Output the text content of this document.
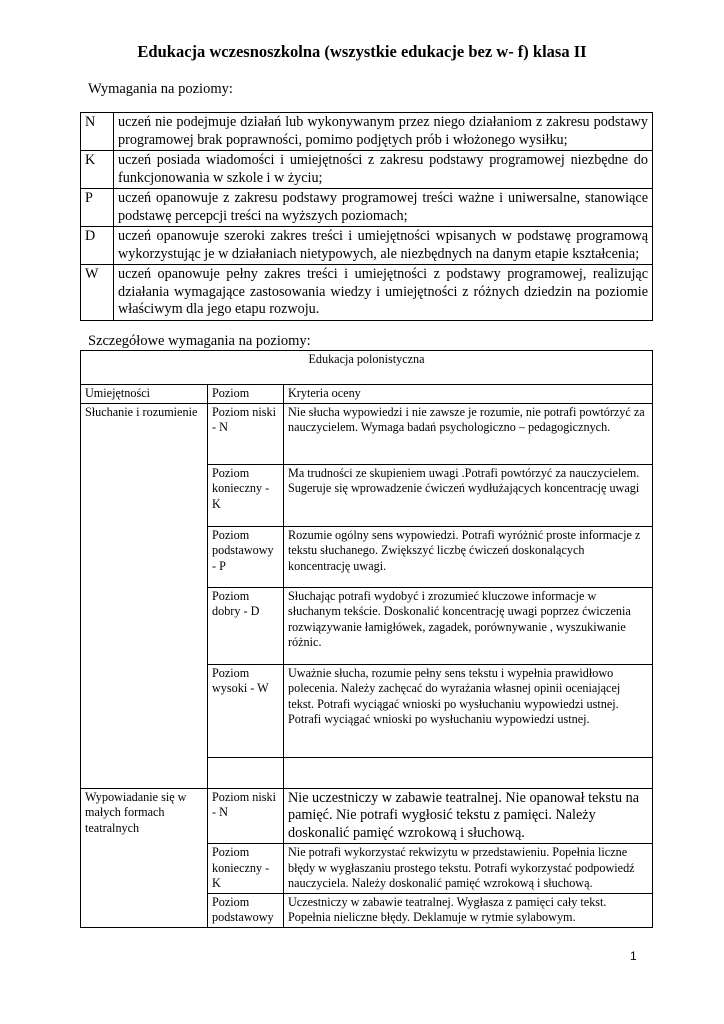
Edukacja wczesnoszkolna (wszystkie edukacje bez w- f) klasa II
Wymagania na poziomy:
N	uczeń nie podejmuje działań lub wykonywanym przez niego działaniom z zakresu podstawy programowej brak poprawności, pomimo podjętych prób i włożonego wysiłku;
K	uczeń posiada wiadomości i umiejętności z zakresu podstawy programowej niezbędne do funkcjonowania w szkole i w życiu;
P	uczeń opanowuje z zakresu podstawy programowej treści ważne i uniwersalne, stanowiące podstawę percepcji treści na wyższych poziomach;
D	uczeń opanowuje szeroki zakres treści i umiejętności wpisanych w podstawę programową wykorzystując je w działaniach nietypowych, ale niezbędnych na danym etapie kształcenia;
W	uczeń opanowuje pełny zakres treści i umiejętności z podstawy programowej, realizując działania wymagające zastosowania wiedzy i umiejętności z różnych dziedzin na poziomie właściwym dla jego etapu rozwoju.
Szczegółowe wymagania na poziomy:
Edukacja polonistyczna		
Umiejętności	Poziom	Kryteria oceny
Słuchanie i rozumienie	Poziom niski - N	Nie słucha wypowiedzi i nie zawsze je rozumie, nie potrafi powtórzyć za nauczycielem. Wymaga badań psychologiczno – pedagogicznych.
	Poziom konieczny - K	Ma trudności ze skupieniem uwagi .Potrafi powtórzyć za nauczycielem. Sugeruje się wprowadzenie ćwiczeń wydłużających koncentrację uwagi
	Poziom podstawowy - P	Rozumie ogólny sens wypowiedzi. Potrafi wyróżnić proste informacje z tekstu słuchanego. Zwiększyć liczbę ćwiczeń doskonalących koncentrację uwagi.
	Poziom dobry - D	Słuchając potrafi wydobyć i zrozumieć kluczowe informacje w słuchanym tekście. Doskonalić koncentrację uwagi poprzez ćwiczenia rozwiązywanie łamigłówek, zagadek, porównywanie , wyszukiwanie różnic.
	Poziom wysoki - W	Uważnie słucha, rozumie pełny sens tekstu i wypełnia prawidłowo polecenia. Należy zachęcać do wyrażania własnej opinii oceniającej tekst. Potrafi wyciągać wnioski po wysłuchaniu wypowiedzi ustnej. Potrafi wyciągać wnioski po wysłuchaniu wypowiedzi ustnej.

Wypowiadanie się w małych formach teatralnych	Poziom niski - N	Nie uczestniczy w zabawie teatralnej. Nie opanował tekstu na pamięć. Nie potrafi wygłosić tekstu z pamięci. Należy doskonalić pamięć wzrokową i słuchową.
	Poziom konieczny - K	Nie potrafi wykorzystać rekwizytu w przedstawieniu. Popełnia liczne błędy w wygłaszaniu prostego tekstu. Potrafi wykorzystać podpowiedź nauczyciela. Należy doskonalić pamięć wzrokową i słuchową.
	Poziom podstawowy	Uczestniczy w zabawie teatralnej. Wygłasza z pamięci cały tekst. Popełnia nieliczne błędy. Deklamuje w rytmie sylabowym.
1
